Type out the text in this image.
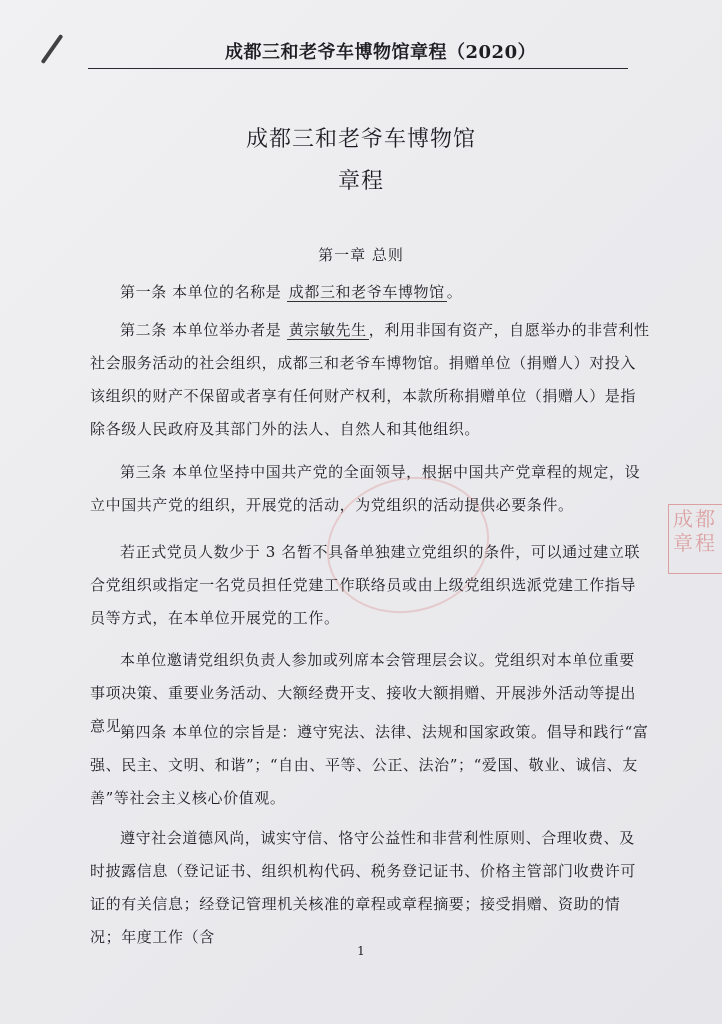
成都三和老爷车博物馆章程（2020）
成都三和老爷车博物馆
章程
第一章 总则

第一条 本单位的名称是 成都三和老爷车博物馆 。

第二条 本单位举办者是 黄宗敏先生 ，利用非国有资产，自愿举办的非营利性社会服务活动的社会组织，成都三和老爷车博物馆。捐赠单位（捐赠人）对投入该组织的财产不保留或者享有任何财产权利，本款所称捐赠单位（捐赠人）是指除各级人民政府及其部门外的法人、自然人和其他组织。

第三条 本单位坚持中国共产党的全面领导，根据中国共产党章程的规定，设立中国共产党的组织，开展党的活动，为党组织的活动提供必要条件。

若正式党员人数少于 3 名暂不具备单独建立党组织的条件，可以通过建立联合党组织或指定一名党员担任党建工作联络员或由上级党组织选派党建工作指导员等方式，在本单位开展党的工作。

本单位邀请党组织负责人参加或列席本会管理层会议。党组织对本单位重要事项决策、重要业务活动、大额经费开支、接收大额捐赠、开展涉外活动等提出意见。

第四条 本单位的宗旨是：遵守宪法、法律、法规和国家政策。倡导和践行“富强、民主、文明、和谐”；“自由、平等、公正、法治”；“爱国、敬业、诚信、友善”等社会主义核心价值观。

遵守社会道德风尚，诚实守信、恪守公益性和非营利性原则、合理收费、及时披露信息（登记证书、组织机构代码、税务登记证书、价格主管部门收费许可证的有关信息；经登记管理机关核准的章程或章程摘要；接受捐赠、资助的情况；年度工作（含

成都章程
1
